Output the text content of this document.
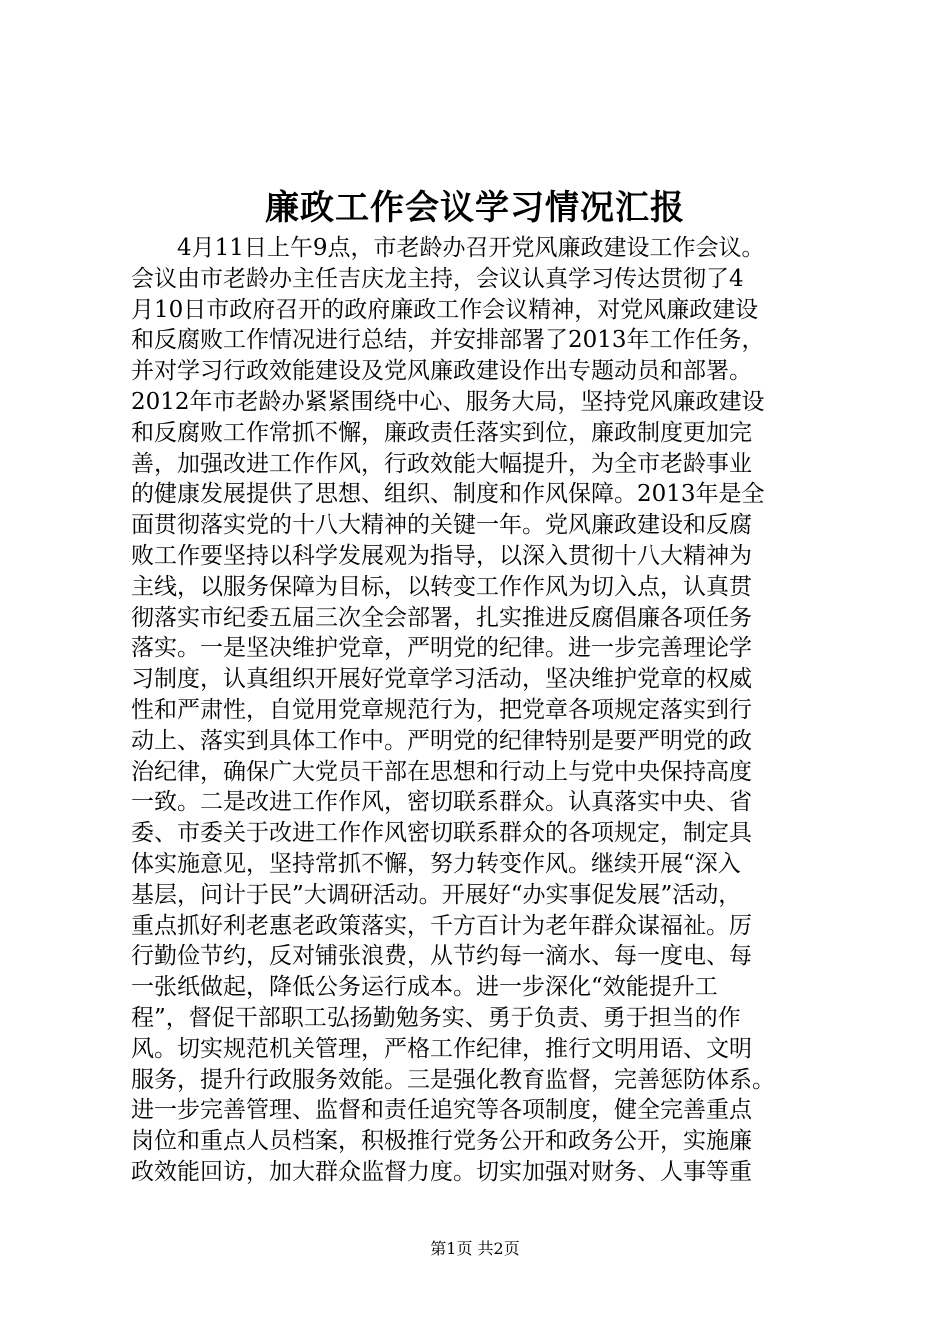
廉政工作会议学习情况汇报
　　4月11日上午9点，市老龄办召开党风廉政建设工作会议。
会议由市老龄办主任吉庆龙主持，会议认真学习传达贯彻了4
月10日市政府召开的政府廉政工作会议精神，对党风廉政建设
和反腐败工作情况进行总结，并安排部署了2013年工作任务，
并对学习行政效能建设及党风廉政建设作出专题动员和部署。
2012年市老龄办紧紧围绕中心、服务大局，坚持党风廉政建设
和反腐败工作常抓不懈，廉政责任落实到位，廉政制度更加完
善，加强改进工作作风，行政效能大幅提升，为全市老龄事业
的健康发展提供了思想、组织、制度和作风保障。2013年是全
面贯彻落实党的十八大精神的关键一年。党风廉政建设和反腐
败工作要坚持以科学发展观为指导，以深入贯彻十八大精神为
主线，以服务保障为目标，以转变工作作风为切入点，认真贯
彻落实市纪委五届三次全会部署，扎实推进反腐倡廉各项任务
落实。一是坚决维护党章，严明党的纪律。进一步完善理论学
习制度，认真组织开展好党章学习活动，坚决维护党章的权威
性和严肃性，自觉用党章规范行为，把党章各项规定落实到行
动上、落实到具体工作中。严明党的纪律特别是要严明党的政
治纪律，确保广大党员干部在思想和行动上与党中央保持高度
一致。二是改进工作作风，密切联系群众。认真落实中央、省
委、市委关于改进工作作风密切联系群众的各项规定，制定具
体实施意见，坚持常抓不懈，努力转变作风。继续开展“深入
基层，问计于民”大调研活动。开展好“办实事促发展”活动，
重点抓好利老惠老政策落实，千方百计为老年群众谋福祉。厉
行勤俭节约，反对铺张浪费，从节约每一滴水、每一度电、每
一张纸做起，降低公务运行成本。进一步深化“效能提升工
程”，督促干部职工弘扬勤勉务实、勇于负责、勇于担当的作
风。切实规范机关管理，严格工作纪律，推行文明用语、文明
服务，提升行政服务效能。三是强化教育监督，完善惩防体系。
进一步完善管理、监督和责任追究等各项制度，健全完善重点
岗位和重点人员档案，积极推行党务公开和政务公开，实施廉
政效能回访，加大群众监督力度。切实加强对财务、人事等重
第1页 共2页
